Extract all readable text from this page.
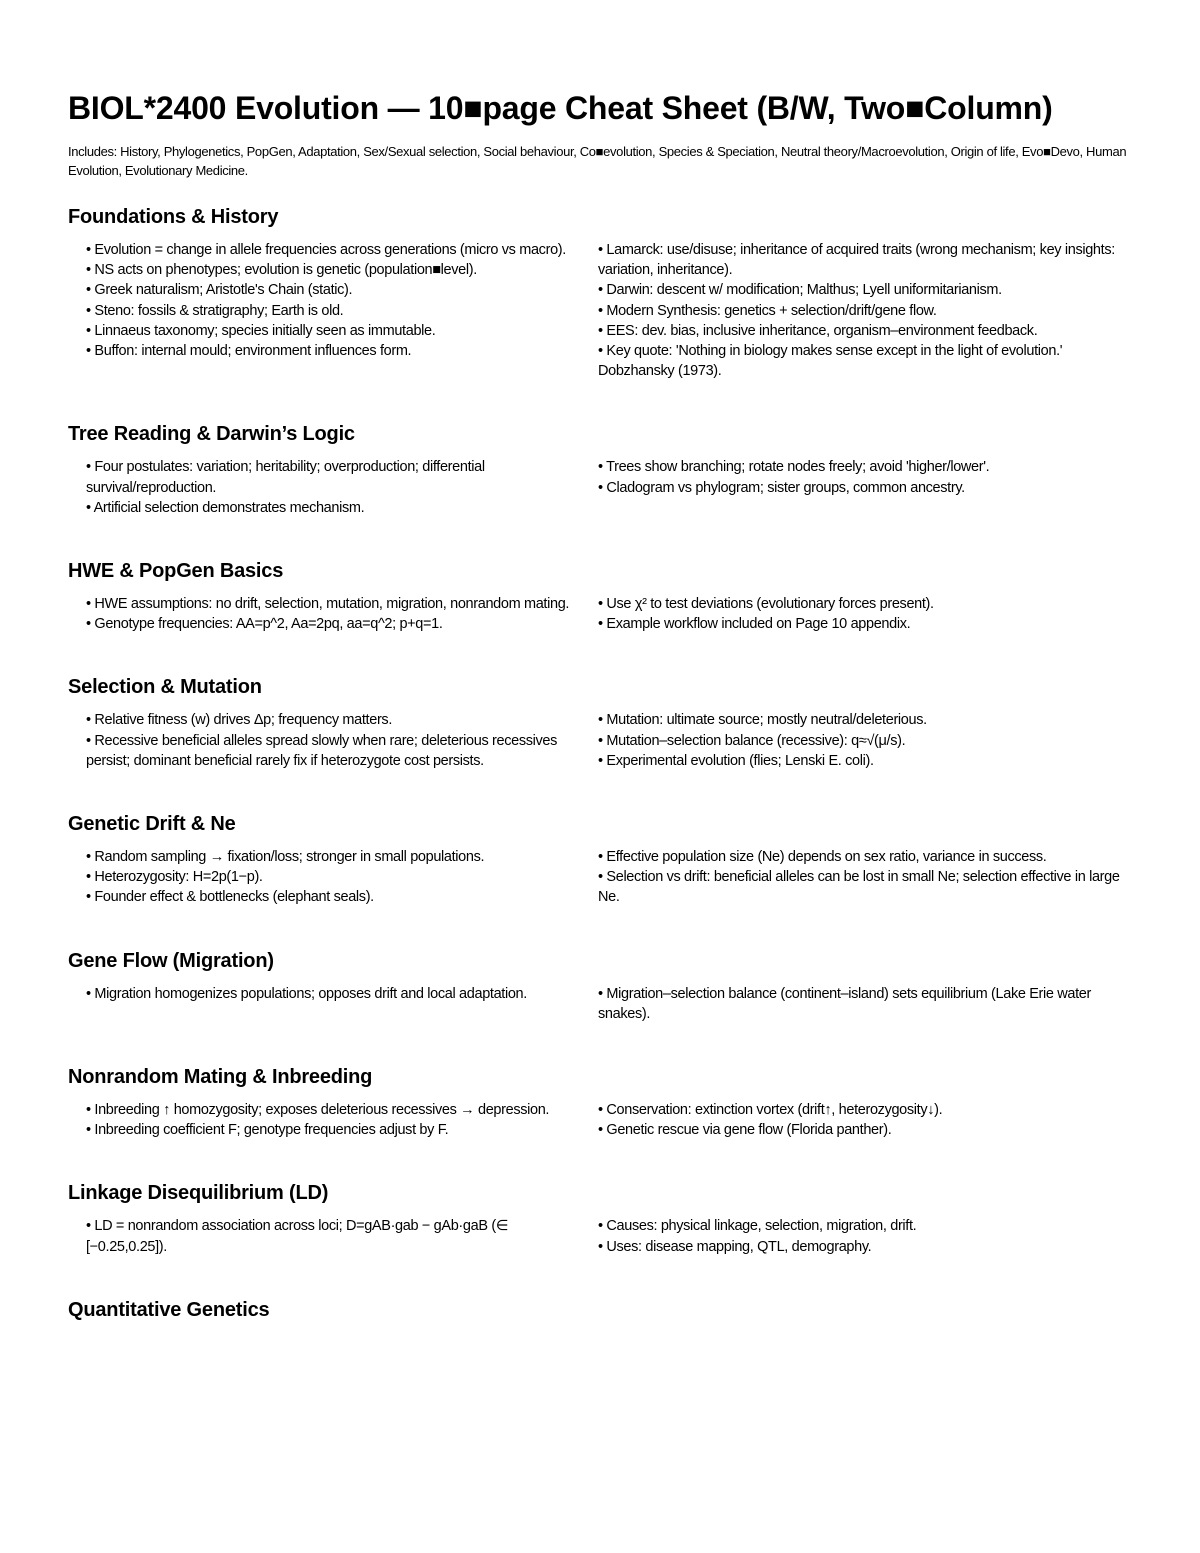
BIOL*2400 Evolution — 10■page Cheat Sheet (B/W, Two■Column)

Includes: History, Phylogenetics, PopGen, Adaptation, Sex/Sexual selection, Social behaviour, Co■evolution, Species & Speciation, Neutral theory/Macroevolution, Origin of life, Evo■Devo, Human Evolution, Evolutionary Medicine.

Foundations & History
• Evolution = change in allele frequencies across generations (micro vs macro).
• NS acts on phenotypes; evolution is genetic (population■level).
• Greek naturalism; Aristotle's Chain (static).
• Steno: fossils & stratigraphy; Earth is old.
• Linnaeus taxonomy; species initially seen as immutable.
• Buffon: internal mould; environment influences form.
• Lamarck: use/disuse; inheritance of acquired traits (wrong mechanism; key insights: variation, inheritance).
• Darwin: descent w/ modification; Malthus; Lyell uniformitarianism.
• Modern Synthesis: genetics + selection/drift/gene flow.
• EES: dev. bias, inclusive inheritance, organism–environment feedback.
• Key quote: 'Nothing in biology makes sense except in the light of evolution.' Dobzhansky (1973).
Tree Reading & Darwin’s Logic
• Four postulates: variation; heritability; overproduction; differential survival/reproduction.
• Artificial selection demonstrates mechanism.
• Trees show branching; rotate nodes freely; avoid 'higher/lower'.
• Cladogram vs phylogram; sister groups, common ancestry.
HWE & PopGen Basics
• HWE assumptions: no drift, selection, mutation, migration, nonrandom mating.
• Genotype frequencies: AA=p^2, Aa=2pq, aa=q^2; p+q=1.
• Use χ² to test deviations (evolutionary forces present).
• Example workflow included on Page 10 appendix.
Selection & Mutation
• Relative fitness (w) drives Δp; frequency matters.
• Recessive beneficial alleles spread slowly when rare; deleterious recessives persist; dominant beneficial rarely fix if heterozygote cost persists.
• Mutation: ultimate source; mostly neutral/deleterious.
• Mutation–selection balance (recessive): q≈√(μ/s).
• Experimental evolution (flies; Lenski E. coli).
Genetic Drift & Ne
• Random sampling → fixation/loss; stronger in small populations.
• Heterozygosity: H=2p(1−p).
• Founder effect & bottlenecks (elephant seals).
• Effective population size (Ne) depends on sex ratio, variance in success.
• Selection vs drift: beneficial alleles can be lost in small Ne; selection effective in large Ne.
Gene Flow (Migration)
• Migration homogenizes populations; opposes drift and local adaptation.	• Migration–selection balance (continent–island) sets equilibrium (Lake Erie water snakes).
Nonrandom Mating & Inbreeding
• Inbreeding ↑ homozygosity; exposes deleterious recessives → depression.
• Inbreeding coefficient F; genotype frequencies adjust by F.
• Conservation: extinction vortex (drift↑, heterozygosity↓).
• Genetic rescue via gene flow (Florida panther).
Linkage Disequilibrium (LD)
• LD = nonrandom association across loci; D=gAB·gab − gAb·gaB (∈ [−0.25,0.25]).
• Causes: physical linkage, selection, migration, drift.
• Uses: disease mapping, QTL, demography.
Quantitative Genetics
